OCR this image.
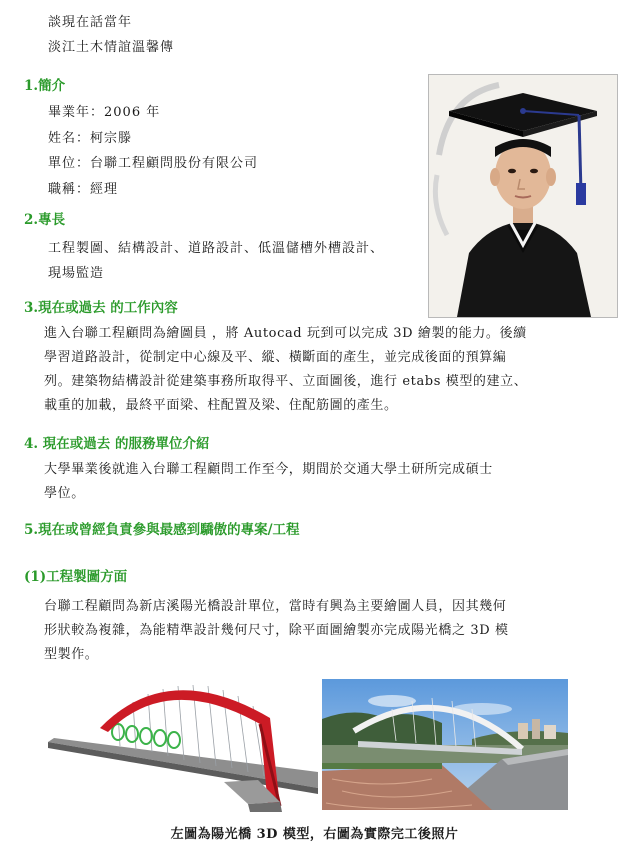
談現在話當年
淡江土木情誼溫馨傳
1.簡介
畢業年：2006 年
姓名：柯宗滕
單位：台聯工程顧問股份有限公司
職稱：經理
2.專長
工程製圖、結構設計、道路設計、低溫儲槽外槽設計、
現場監造
3.現在或過去 的工作內容
進入台聯工程顧問為繪圖員 ，將 Autocad 玩到可以完成 3D 繪製的能力。後續
學習道路設計，從制定中心線及平、縱、橫斷面的產生，並完成後面的預算編
列。建築物結構設計從建築事務所取得平、立面圖後，進行 etabs 模型的建立、
載重的加載，最終平面梁、柱配置及梁、住配筋圖的產生。
4. 現在或過去 的服務單位介紹
大學畢業後就進入台聯工程顧問工作至今，期間於交通大學土研所完成碩士
學位。
5.現在或曾經負責參與最感到驕傲的專案/工程
(1)工程製圖方面
台聯工程顧問為新店溪陽光橋設計單位，當時有興為主要繪圖人員，因其幾何
形狀較為複雜，為能精準設計幾何尺寸，除平面圖繪製亦完成陽光橋之 3D 模
型製作。
左圖為陽光橋 3D 模型，右圖為實際完工後照片
